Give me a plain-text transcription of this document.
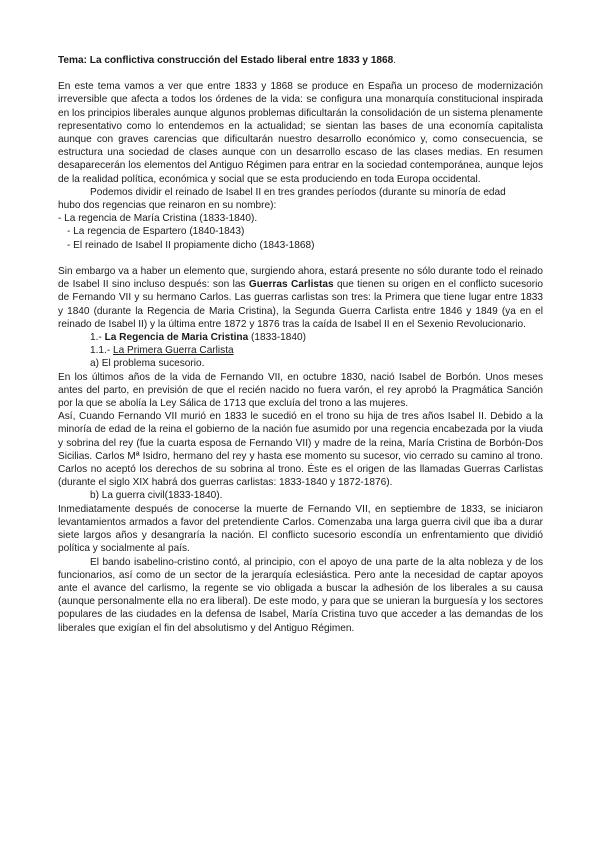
Tema: La conflictiva construcción del Estado liberal entre 1833 y 1868.

En este tema vamos a ver que entre 1833 y 1868 se produce en España un proceso de modernización irreversible que afecta a todos los órdenes de la vida: se configura una monarquía constitucional inspirada en los principios liberales aunque algunos problemas dificultarán la consolidación de un sistema plenamente representativo como lo entendemos en la actualidad; se sientan las bases de una economía capitalista aunque con graves carencias que dificultarán nuestro desarrollo económico y, como consecuencia, se estructura una sociedad de clases aunque con un desarrollo escaso de las clases medias. En resumen desaparecerán los elementos del Antiguo Régimen para entrar en la sociedad contemporánea, aunque lejos de la realidad política, económica y social que se esta produciendo en toda Europa occidental.

Podemos dividir el reinado de Isabel II en tres grandes períodos (durante su minoría de edad

hubo dos regencias que reinaron en su nombre):

- La regencia de María Cristina (1833-1840).

- La regencia de Espartero (1840-1843)

- El reinado de Isabel II propiamente dicho (1843-1868)

Sin embargo va a haber un elemento que, surgiendo ahora, estará presente no sólo durante todo el reinado de Isabel II sino incluso después: son las Guerras Carlistas que tienen su origen en el conflicto sucesorio de Fernando VII y su hermano Carlos. Las guerras carlistas son tres: la Primera que tiene lugar entre 1833 y 1840 (durante la Regencia de Maria Cristina), la Segunda Guerra Carlista entre 1846 y 1849 (ya en el reinado de Isabel II) y la última entre 1872 y 1876 tras la caída de Isabel II en el Sexenio Revolucionario.

1.- La Regencia de Maria Cristina (1833-1840)

1.1.- La Primera Guerra Carlista

a) El problema sucesorio.

En los últimos años de la vida de Fernando VII, en octubre 1830, nació Isabel de Borbón. Unos meses antes del parto, en previsión de que el recién nacido no fuera varón, el rey aprobó la Pragmática Sanción por la que se abolía la Ley Sálica de 1713 que excluía del trono a las mujeres.

Así, Cuando Fernando VII murió en 1833 le sucedió en el trono su hija de tres años Isabel II. Debido a la minoría de edad de la reina el gobierno de la nación fue asumido por una regencia encabezada por la viuda y sobrina del rey (fue la cuarta esposa de Fernando VII) y madre de la reina, María Cristina de Borbón-Dos Sicilias. Carlos Mª Isidro, hermano del rey y hasta ese momento su sucesor, vio cerrado su camino al trono. Carlos no aceptó los derechos de su sobrina al trono. Éste es el origen de las llamadas Guerras Carlistas (durante el siglo XIX habrá dos guerras carlistas: 1833-1840 y 1872-1876).

b) La guerra civil(1833-1840).

Inmediatamente después de conocerse la muerte de Fernando VII, en septiembre de 1833, se iniciaron levantamientos armados a favor del pretendiente Carlos. Comenzaba una larga guerra civil que iba a durar siete largos años y desangraría la nación. El conflicto sucesorio escondía un enfrentamiento que dividió política y socialmente al país.

El bando isabelino-cristino contó, al principio, con el apoyo de una parte de la alta nobleza y de los funcionarios, así como de un sector de la jerarquía eclesiástica. Pero ante la necesidad de captar apoyos ante el avance del carlismo, la regente se vio obligada a buscar la adhesión de los liberales a su causa (aunque personalmente ella no era liberal). De este modo, y para que se unieran la burguesía y los sectores populares de las ciudades en la defensa de Isabel, María Cristina tuvo que acceder a las demandas de los liberales que exigían el fin del absolutismo y del Antiguo Régimen.
